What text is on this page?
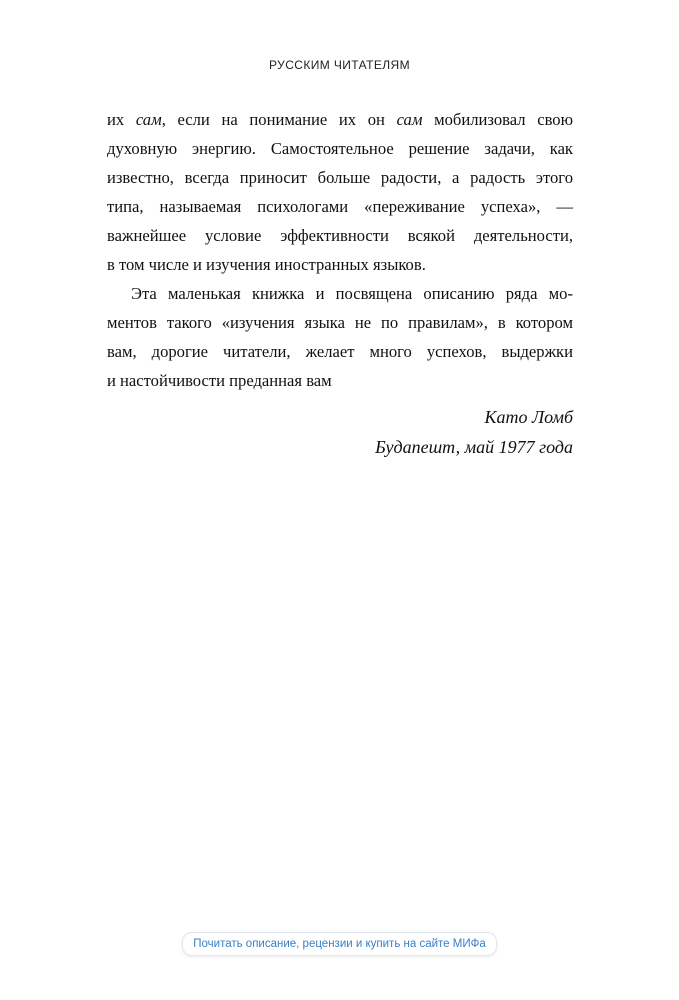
РУССКИМ ЧИТАТЕЛЯМ
их сам, если на понимание их он сам мобилизовал свою
духовную энергию. Самостоятельное решение задачи, как
известно, всегда приносит больше радости, а радость этого
типа, называемая психологами «переживание успеха», —
важнейшее условие эффективности всякой деятельности,
в том числе и изучения иностранных языков.
Эта маленькая книжка и посвящена описанию ряда мо-
ментов такого «изучения языка не по правилам», в котором
вам, дорогие читатели, желает много успехов, выдержки
и настойчивости преданная вам
Като Ломб
Будапешт, май 1977 года
Почитать описание, рецензии и купить на сайте МИФа
